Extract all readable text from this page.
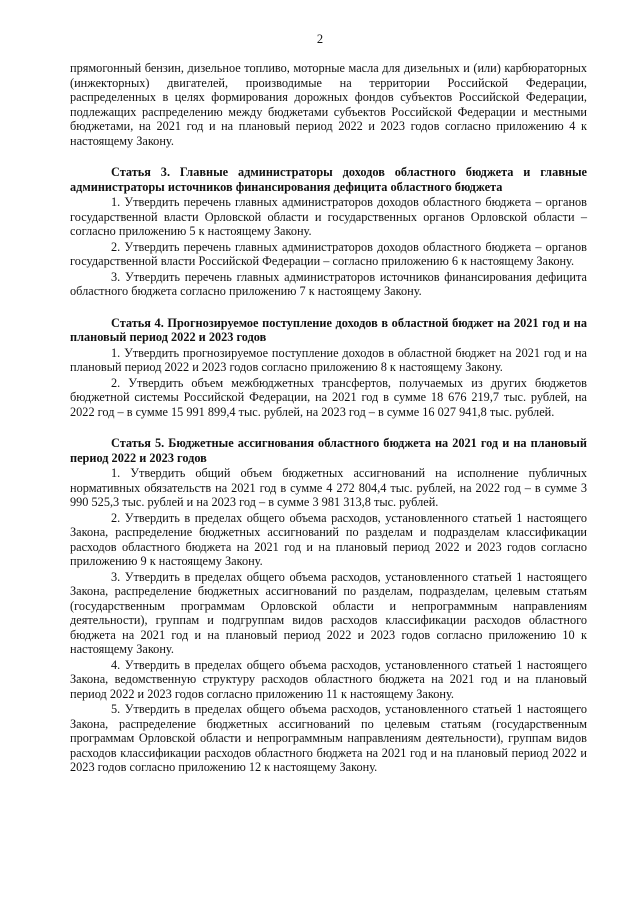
2

прямогонный бензин, дизельное топливо, моторные масла для дизельных и (или) карбюраторных (инжекторных) двигателей, производимые на территории Российской Федерации, распределенных в целях формирования дорожных фондов субъектов Российской Федерации, подлежащих распределению между бюджетами субъектов Российской Федерации и местными бюджетами, на 2021 год и на плановый период 2022 и 2023 годов согласно приложению 4 к настоящему Закону.

Статья 3. Главные администраторы доходов областного бюджета и главные администраторы источников финансирования дефицита областного бюджета

1. Утвердить перечень главных администраторов доходов областного бюджета – органов государственной власти Орловской области и государственных органов Орловской области – согласно приложению 5 к настоящему Закону.

2. Утвердить перечень главных администраторов доходов областного бюджета – органов государственной власти Российской Федерации – согласно приложению 6 к настоящему Закону.

3. Утвердить перечень главных администраторов источников финансирования дефицита областного бюджета согласно приложению 7 к настоящему Закону.

Статья 4. Прогнозируемое поступление доходов в областной бюджет на 2021 год и на плановый период 2022 и 2023 годов

1. Утвердить прогнозируемое поступление доходов в областной бюджет на 2021 год и на плановый период 2022 и 2023 годов согласно приложению 8 к настоящему Закону.

2. Утвердить объем межбюджетных трансфертов, получаемых из других бюджетов бюджетной системы Российской Федерации, на 2021 год в сумме 18 676 219,7 тыс. рублей, на 2022 год – в сумме 15 991 899,4 тыс. рублей, на 2023 год – в сумме 16 027 941,8 тыс. рублей.

Статья 5. Бюджетные ассигнования областного бюджета на 2021 год и на плановый период 2022 и 2023 годов

1. Утвердить общий объем бюджетных ассигнований на исполнение публичных нормативных обязательств на 2021 год в сумме 4 272 804,4 тыс. рублей, на 2022 год – в сумме 3 990 525,3 тыс. рублей и на 2023 год – в сумме 3 981 313,8 тыс. рублей.

2. Утвердить в пределах общего объема расходов, установленного статьей 1 настоящего Закона, распределение бюджетных ассигнований по разделам и подразделам классификации расходов областного бюджета на 2021 год и на плановый период 2022 и 2023 годов согласно приложению 9 к настоящему Закону.

3. Утвердить в пределах общего объема расходов, установленного статьей 1 настоящего Закона, распределение бюджетных ассигнований по разделам, подразделам, целевым статьям (государственным программам Орловской области и непрограммным направлениям деятельности), группам и подгруппам видов расходов классификации расходов областного бюджета на 2021 год и на плановый период 2022 и 2023 годов согласно приложению 10 к настоящему Закону.

4. Утвердить в пределах общего объема расходов, установленного статьей 1 настоящего Закона, ведомственную структуру расходов областного бюджета на 2021 год и на плановый период 2022 и 2023 годов согласно приложению 11 к настоящему Закону.

5. Утвердить в пределах общего объема расходов, установленного статьей 1 настоящего Закона, распределение бюджетных ассигнований по целевым статьям (государственным программам Орловской области и непрограммным направлениям деятельности), группам видов расходов классификации расходов областного бюджета на 2021 год и на плановый период 2022 и 2023 годов согласно приложению 12 к настоящему Закону.
